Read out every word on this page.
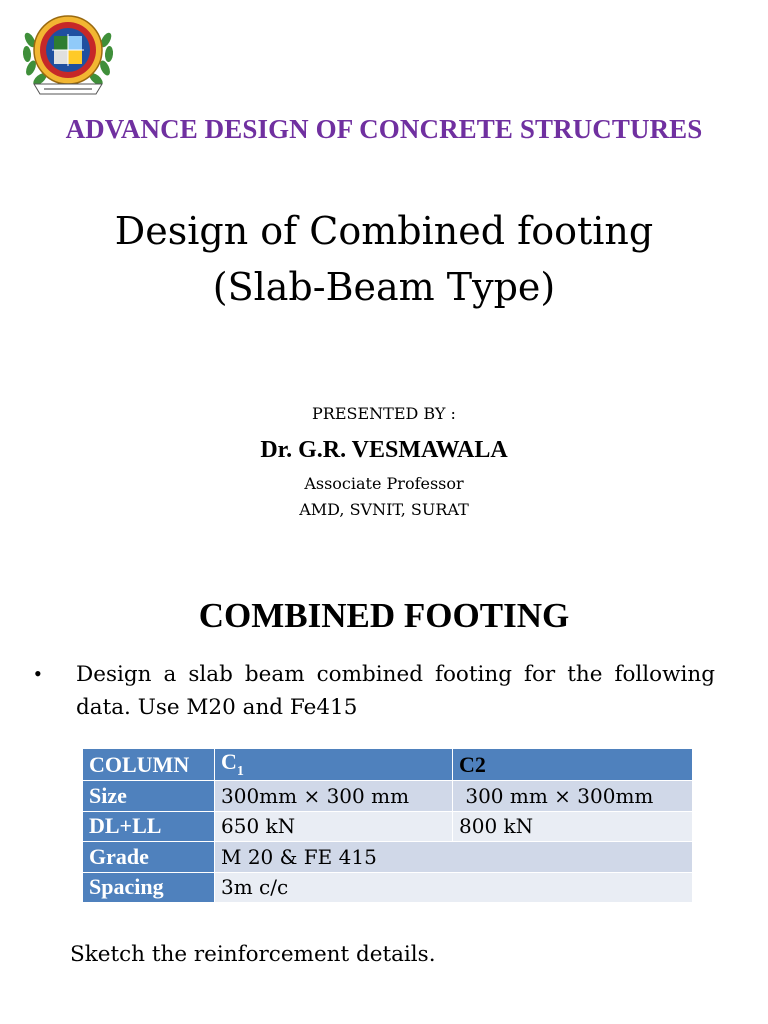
ADVANCE DESIGN OF CONCRETE STRUCTURES
Design of Combined footing
(Slab-Beam Type)
PRESENTED BY :
Dr. G.R. VESMAWALA
Associate Professor
AMD, SVNIT, SURAT
COMBINED FOOTING
• Design a slab beam combined footing for the following data. Use M20 and Fe415
COLUMN	$C_1$	C2
Size	300mm × 300 mm	300 mm × 300mm
DL+LL	650 kN	800 kN
Grade	M 20 & FE 415	
Spacing	3m c/c	
Sketch the reinforcement details.
